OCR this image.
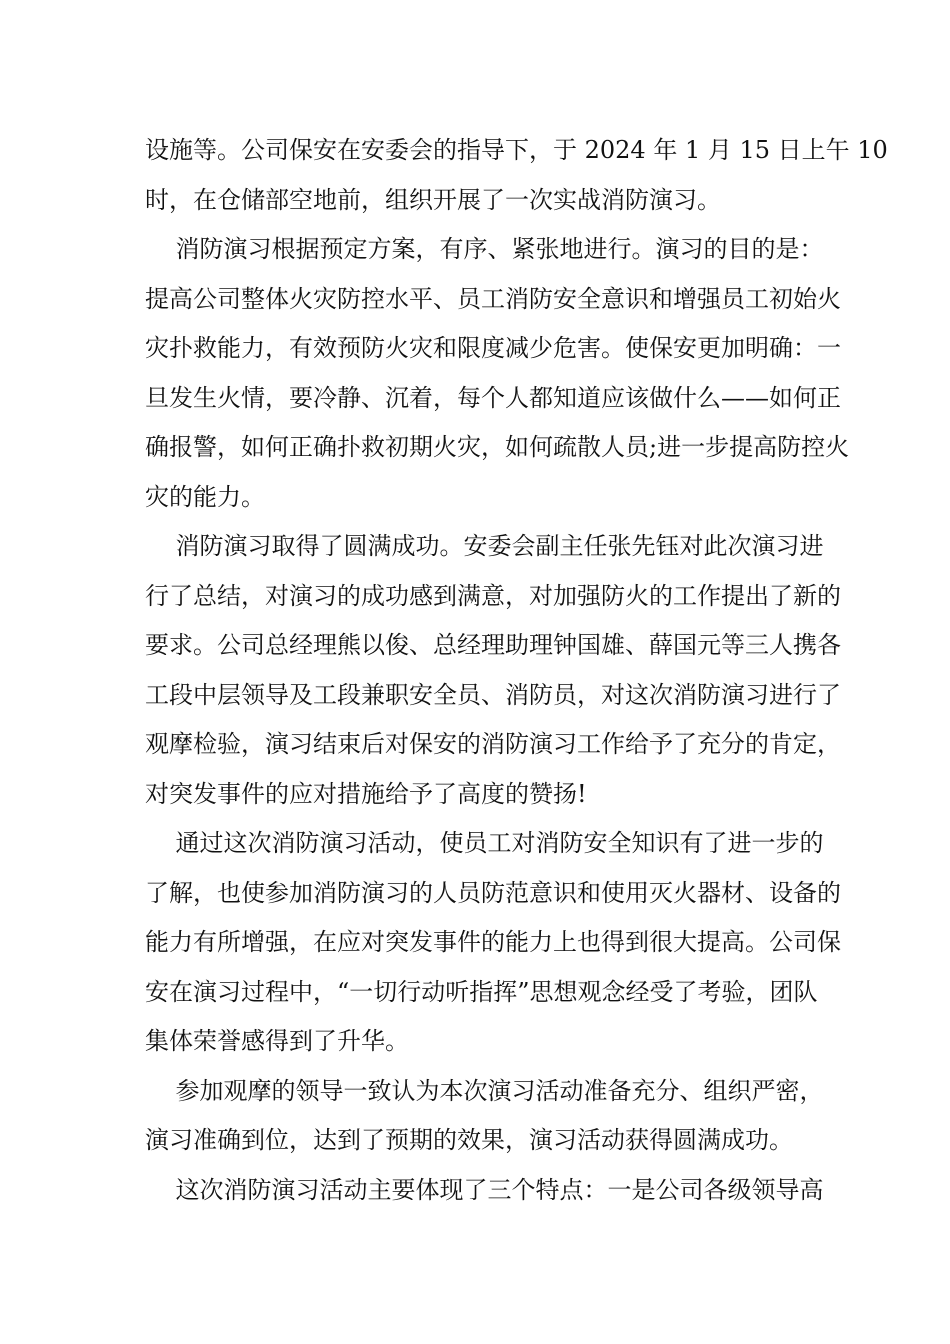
设施等。公司保安在安委会的指导下，于 2024 年 1 月 15 日上午 10
时，在仓储部空地前，组织开展了一次实战消防演习。
消防演习根据预定方案，有序、紧张地进行。演习的目的是：
提高公司整体火灾防控水平、员工消防安全意识和增强员工初始火
灾扑救能力，有效预防火灾和限度减少危害。使保安更加明确：一
旦发生火情，要冷静、沉着，每个人都知道应该做什么——如何正
确报警，如何正确扑救初期火灾，如何疏散人员;进一步提高防控火
灾的能力。
消防演习取得了圆满成功。安委会副主任张先钰对此次演习进
行了总结，对演习的成功感到满意，对加强防火的工作提出了新的
要求。公司总经理熊以俊、总经理助理钟国雄、薛国元等三人携各
工段中层领导及工段兼职安全员、消防员，对这次消防演习进行了
观摩检验，演习结束后对保安的消防演习工作给予了充分的肯定，
对突发事件的应对措施给予了高度的赞扬!
通过这次消防演习活动，使员工对消防安全知识有了进一步的
了解，也使参加消防演习的人员防范意识和使用灭火器材、设备的
能力有所增强，在应对突发事件的能力上也得到很大提高。公司保
安在演习过程中，“一切行动听指挥”思想观念经受了考验，团队
集体荣誉感得到了升华。
参加观摩的领导一致认为本次演习活动准备充分、组织严密，
演习准确到位，达到了预期的效果，演习活动获得圆满成功。
这次消防演习活动主要体现了三个特点：一是公司各级领导高
